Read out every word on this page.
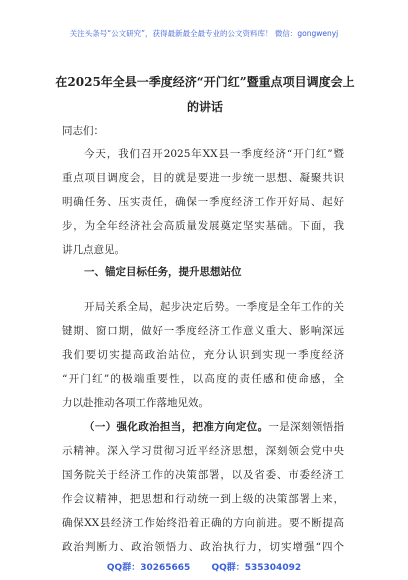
关注头条号“公文研究”，获得最新最全最专业的公文资料库！ 微信：gongwenyj
在2025年全县一季度经济“开门红”暨重点项目调度会上
的讲话
同志们：
今天，我们召开2025年XX县一季度经济“开门红”暨
重点项目调度会，目的就是要进一步统一思想、凝聚共识
明确任务、压实责任，确保一季度经济工作开好局、起好
步，为全年经济社会高质量发展奠定坚实基础。下面，我
讲几点意见。
一、锚定目标任务，提升思想站位
开局关系全局，起步决定后势。一季度是全年工作的关
键期、窗口期，做好一季度经济工作意义重大、影响深远
我们要切实提高政治站位，充分认识到实现一季度经济
“开门红”的极端重要性，以高度的责任感和使命感，全
力以赴推动各项工作落地见效。
（一）强化政治担当，把准方向定位。一是深刻领悟指
示精神。深入学习贯彻习近平经济思想，深刻领会党中央
国务院关于经济工作的决策部署，以及省委、市委经济工
作会议精神，把思想和行动统一到上级的决策部署上来，
确保XX县经济工作始终沿着正确的方向前进。要不断提高
政治判断力、政治领悟力、政治执行力，切实增强“四个
QQ群：30265665 QQ群：535304092
